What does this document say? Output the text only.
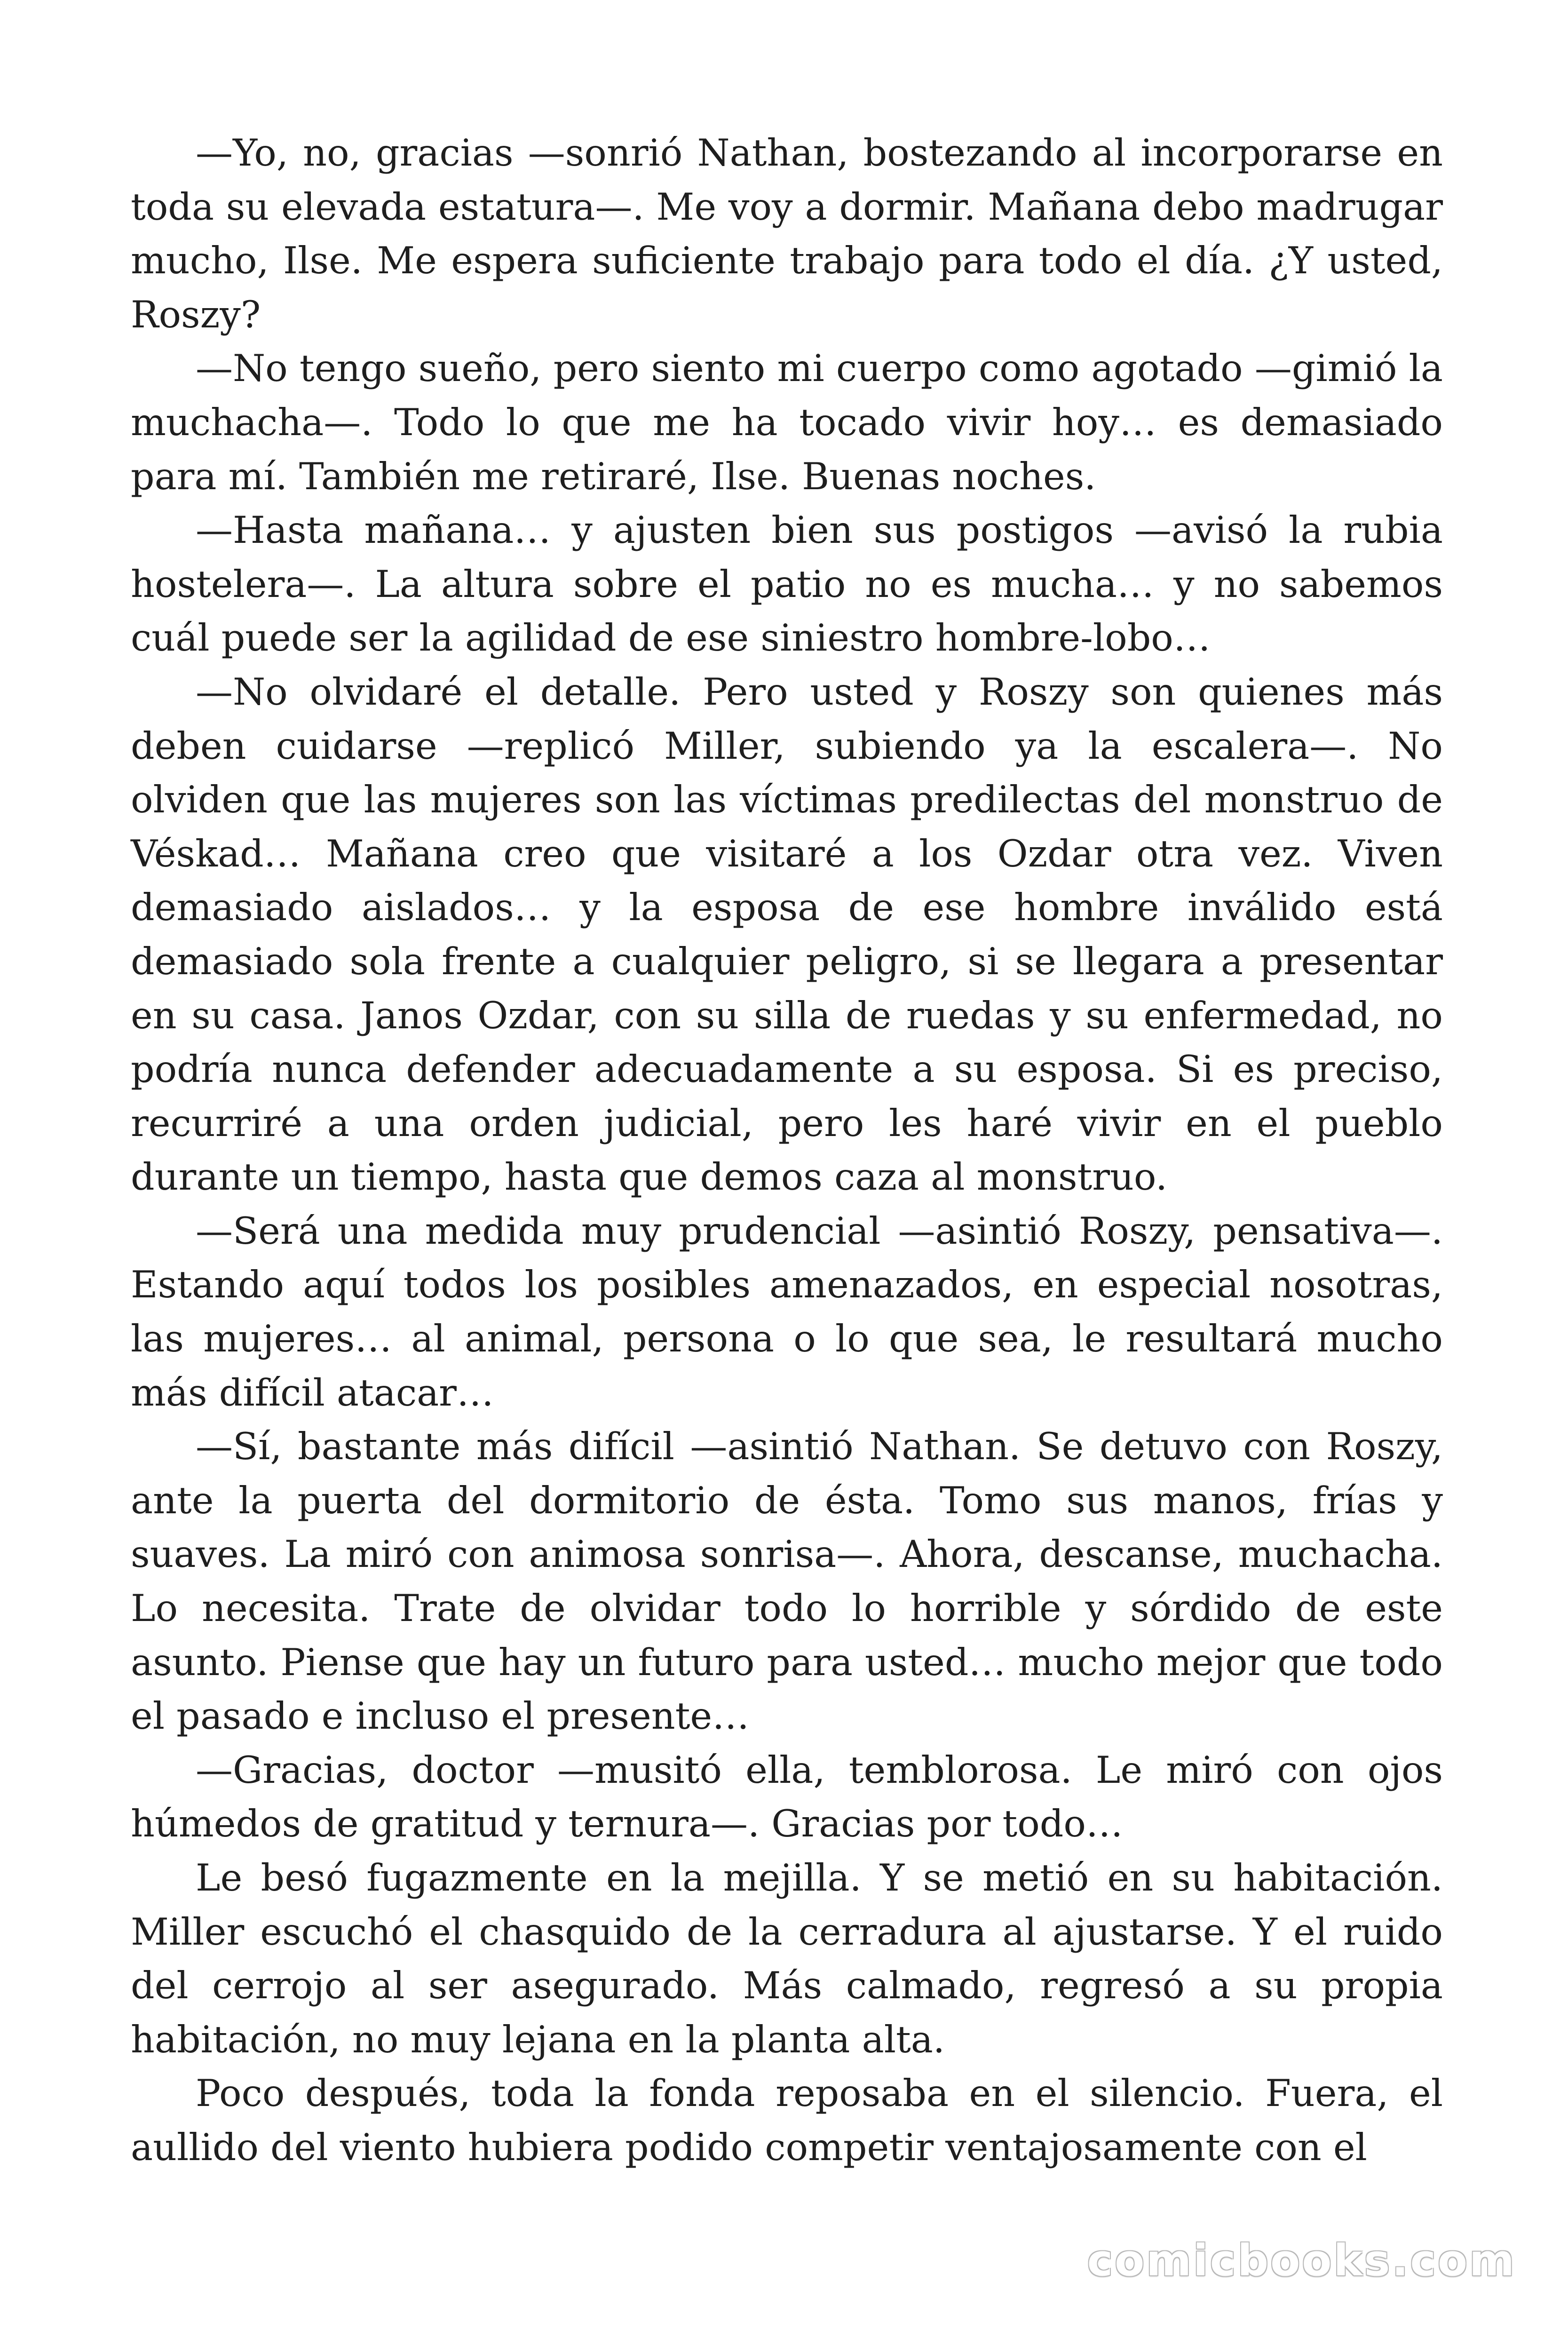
—Yo, no, gracias —sonrió Nathan, bostezando al incorporarse en toda su elevada estatura—. Me voy a dormir. Mañana debo madrugar mucho, Ilse. Me espera suficiente trabajo para todo el día. ¿Y usted, Roszy?

—No tengo sueño, pero siento mi cuerpo como agotado —gimió la muchacha—. Todo lo que me ha tocado vivir hoy… es demasiado para mí. También me retiraré, Ilse. Buenas noches.

—Hasta mañana… y ajusten bien sus postigos —avisó la rubia hostelera—. La altura sobre el patio no es mucha… y no sabemos cuál puede ser la agilidad de ese siniestro hombre-lobo…

—No olvidaré el detalle. Pero usted y Roszy son quienes más deben cuidarse —replicó Miller, subiendo ya la escalera—. No olviden que las mujeres son las víctimas predilectas del monstruo de Véskad… Mañana creo que visitaré a los Ozdar otra vez. Viven demasiado aislados… y la esposa de ese hombre inválido está demasiado sola frente a cualquier peligro, si se llegara a presentar en su casa. Janos Ozdar, con su silla de ruedas y su enfermedad, no podría nunca defender adecuadamente a su esposa. Si es preciso, recurriré a una orden judicial, pero les haré vivir en el pueblo durante un tiempo, hasta que demos caza al monstruo.

—Será una medida muy prudencial —asintió Roszy, pensativa—. Estando aquí todos los posibles amenazados, en especial nosotras, las mujeres… al animal, persona o lo que sea, le resultará mucho más difícil atacar…

—Sí, bastante más difícil —asintió Nathan. Se detuvo con Roszy, ante la puerta del dormitorio de ésta. Tomo sus manos, frías y suaves. La miró con animosa sonrisa—. Ahora, descanse, muchacha. Lo necesita. Trate de olvidar todo lo horrible y sórdido de este asunto. Piense que hay un futuro para usted… mucho mejor que todo el pasado e incluso el presente…

—Gracias, doctor —musitó ella, temblorosa. Le miró con ojos húmedos de gratitud y ternura—. Gracias por todo…

Le besó fugazmente en la mejilla. Y se metió en su habitación. Miller escuchó el chasquido de la cerradura al ajustarse. Y el ruido del cerrojo al ser asegurado. Más calmado, regresó a su propia habitación, no muy lejana en la planta alta.

Poco después, toda la fonda reposaba en el silencio. Fuera, el aullido del viento hubiera podido competir ventajosamente con el

comicbooks.com
